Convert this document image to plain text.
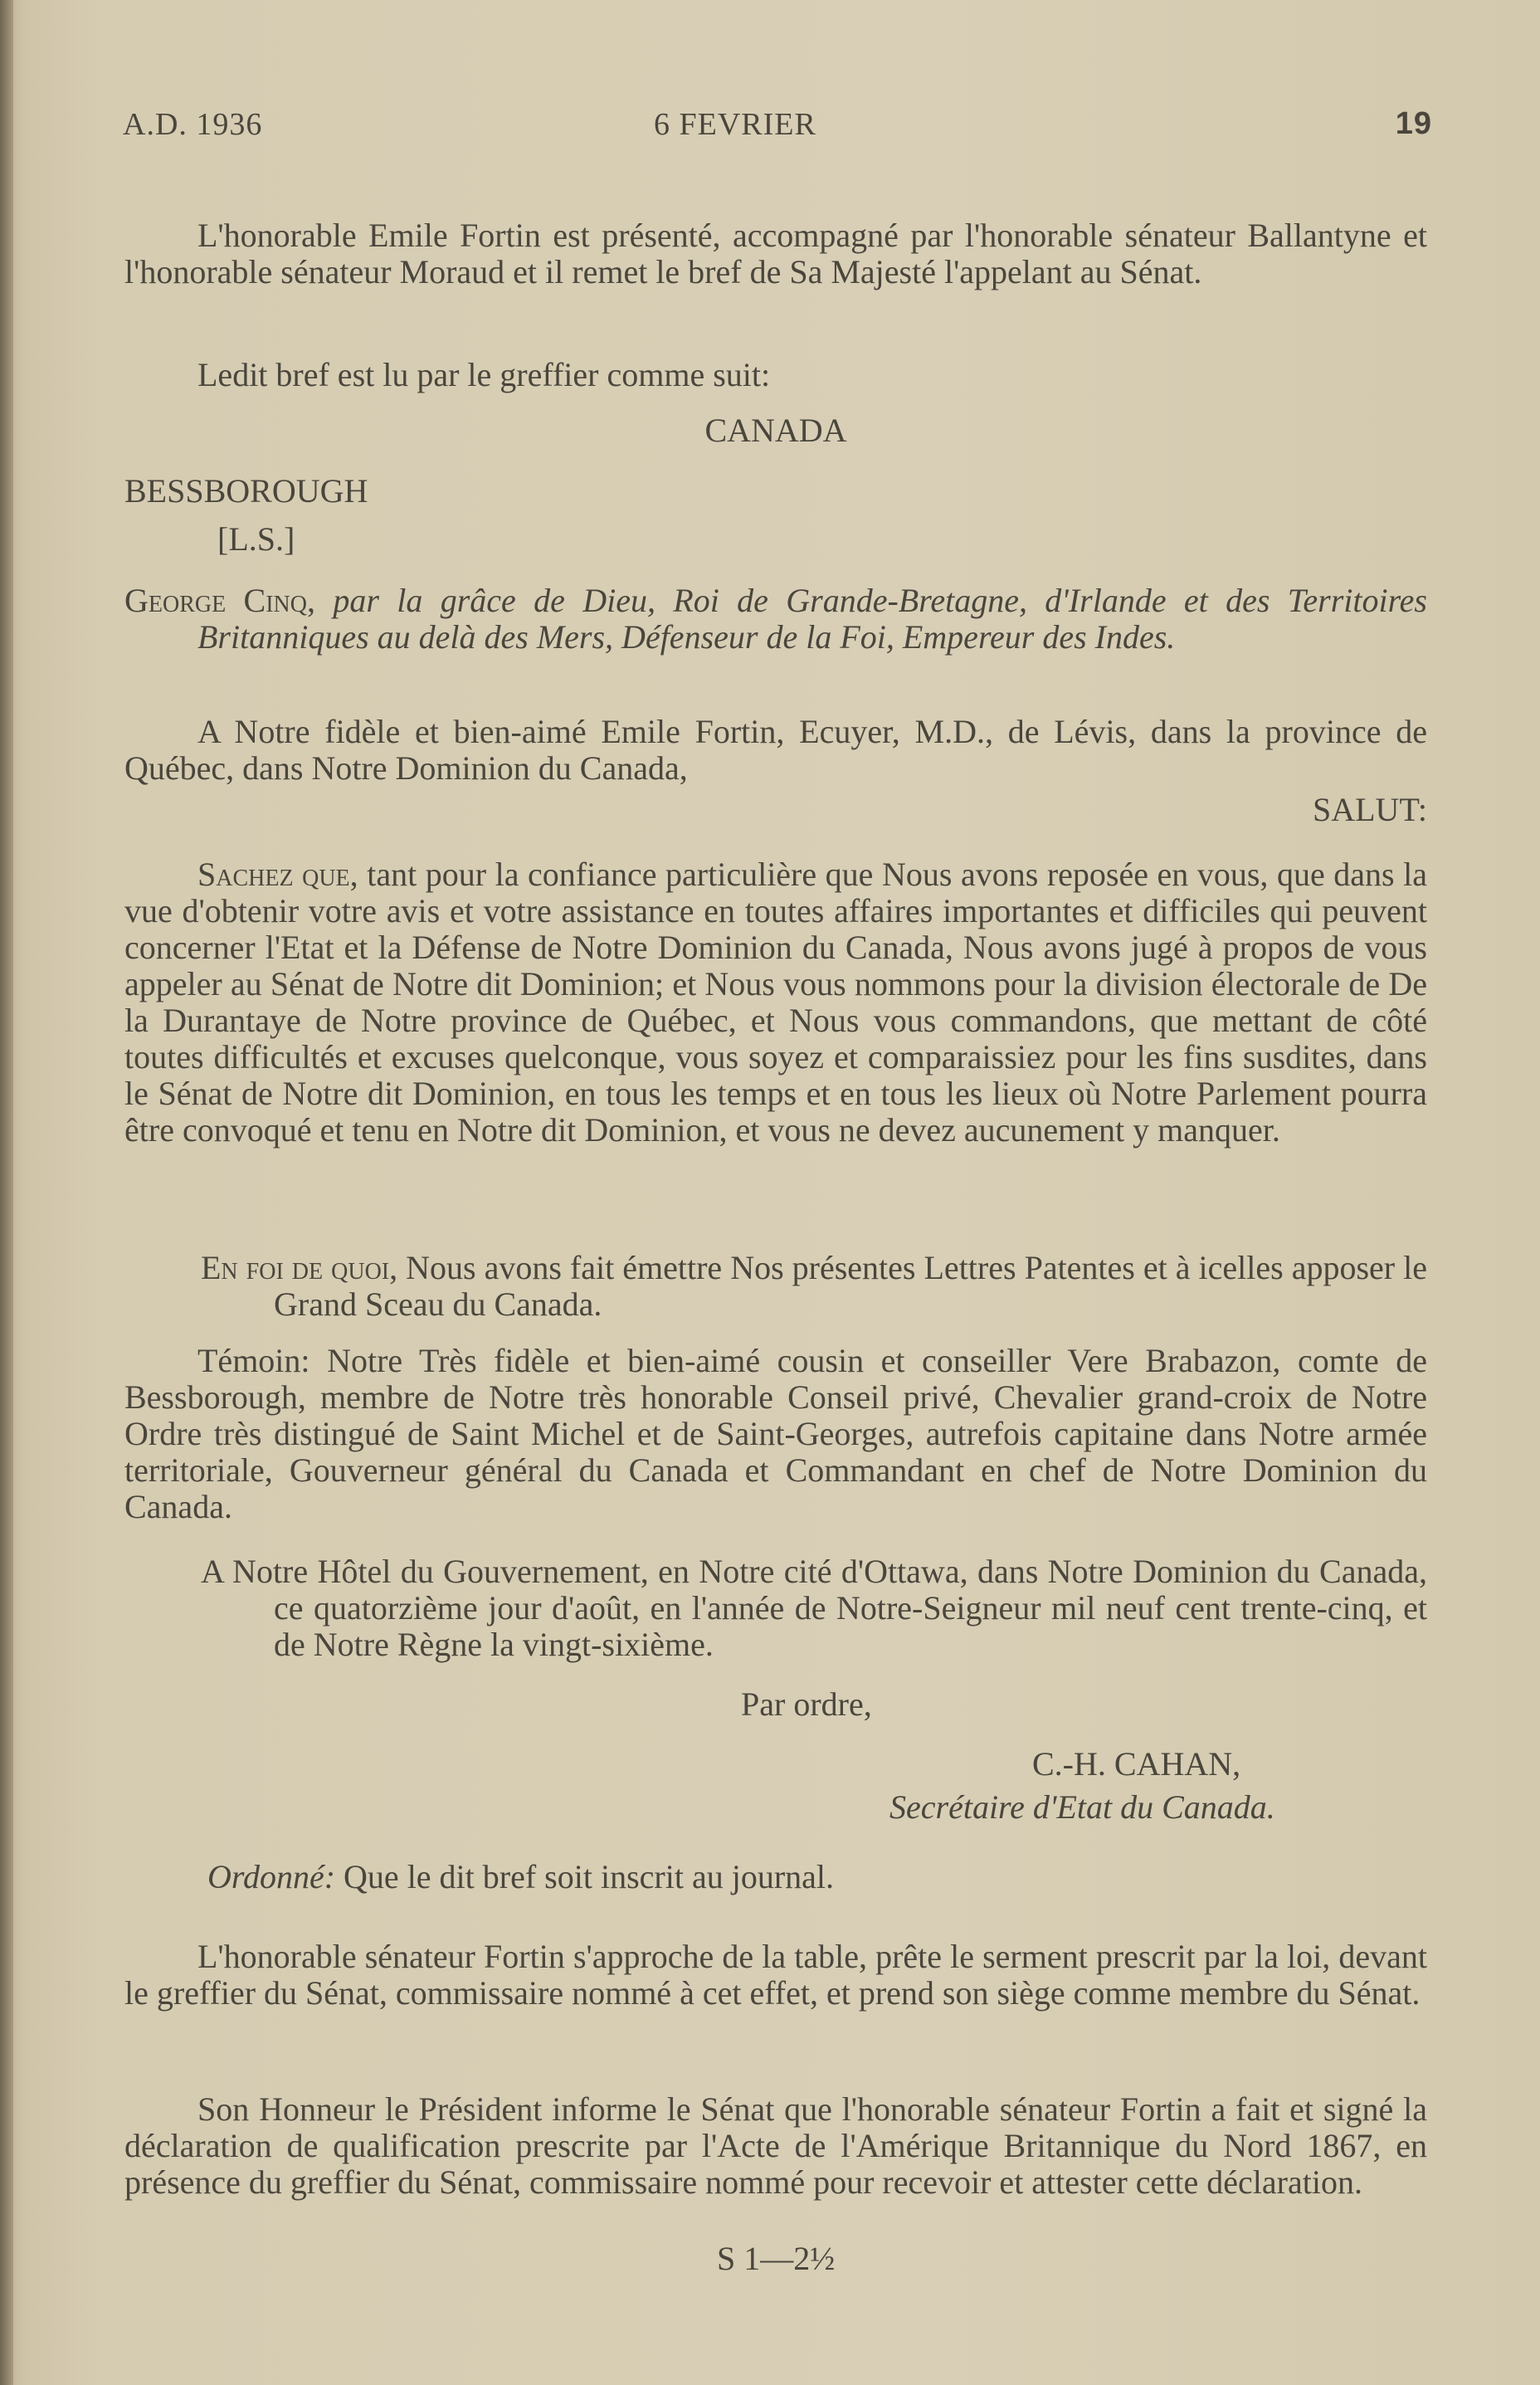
A.D. 1936	6 FEVRIER	19

L'honorable Emile Fortin est présenté, accompagné par l'honorable sénateur Ballantyne et l'honorable sénateur Moraud et il remet le bref de Sa Majesté l'appelant au Sénat.

Ledit bref est lu par le greffier comme suit:

CANADA
BESSBOROUGH
[L.S.]

George Cinq, par la grâce de Dieu, Roi de Grande-Bretagne, d'Irlande et des Territoires Britanniques au delà des Mers, Défenseur de la Foi, Empereur des Indes.

A Notre fidèle et bien-aimé Emile Fortin, Ecuyer, M.D., de Lévis, dans la province de Québec, dans Notre Dominion du Canada,

SALUT:

Sachez que, tant pour la confiance particulière que Nous avons reposée en vous, que dans la vue d'obtenir votre avis et votre assistance en toutes affaires importantes et difficiles qui peuvent concerner l'Etat et la Défense de Notre Dominion du Canada, Nous avons jugé à propos de vous appeler au Sénat de Notre dit Dominion; et Nous vous nommons pour la division électorale de De la Durantaye de Notre province de Québec, et Nous vous commandons, que mettant de côté toutes difficultés et excuses quelconque, vous soyez et comparaissiez pour les fins susdites, dans le Sénat de Notre dit Dominion, en tous les temps et en tous les lieux où Notre Parlement pourra être convoqué et tenu en Notre dit Dominion, et vous ne devez aucunement y manquer.

En foi de quoi, Nous avons fait émettre Nos présentes Lettres Patentes et à icelles apposer le Grand Sceau du Canada.

Témoin: Notre Très fidèle et bien-aimé cousin et conseiller Vere Brabazon, comte de Bessborough, membre de Notre très honorable Conseil privé, Chevalier grand-croix de Notre Ordre très distingué de Saint Michel et de Saint-Georges, autrefois capitaine dans Notre armée territoriale, Gouverneur général du Canada et Commandant en chef de Notre Dominion du Canada.

A Notre Hôtel du Gouvernement, en Notre cité d'Ottawa, dans Notre Dominion du Canada, ce quatorzième jour d'août, en l'année de Notre-Seigneur mil neuf cent trente-cinq, et de Notre Règne la vingt-sixième.

Par ordre,
C.-H. CAHAN,
Secrétaire d'Etat du Canada.
Ordonné: Que le dit bref soit inscrit au journal.

L'honorable sénateur Fortin s'approche de la table, prête le serment prescrit par la loi, devant le greffier du Sénat, commissaire nommé à cet effet, et prend son siège comme membre du Sénat.

Son Honneur le Président informe le Sénat que l'honorable sénateur Fortin a fait et signé la déclaration de qualification prescrite par l'Acte de l'Amérique Britannique du Nord 1867, en présence du greffier du Sénat, commissaire nommé pour recevoir et attester cette déclaration.

S 1—2½
